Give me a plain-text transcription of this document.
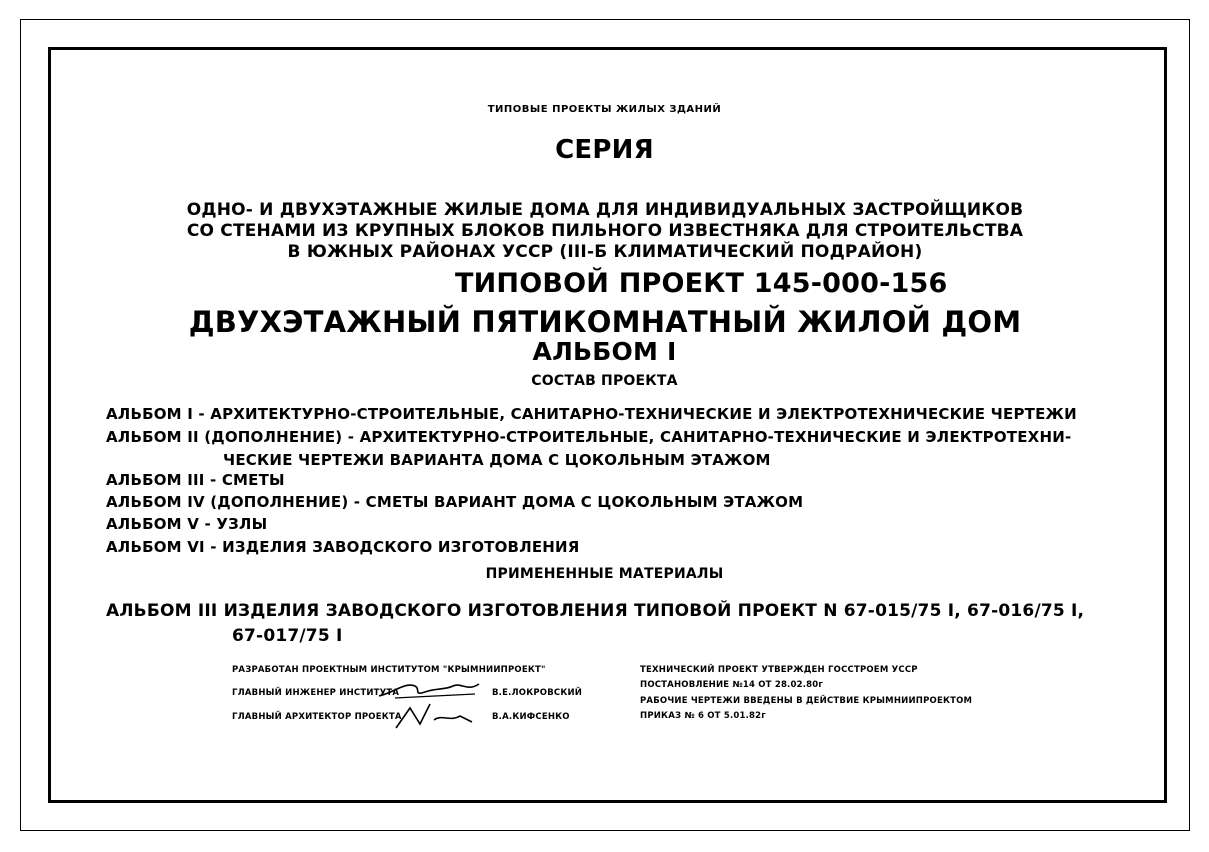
ТИПОВЫЕ ПРОЕКТЫ ЖИЛЫХ ЗДАНИЙ
СЕРИЯ
ОДНО- И ДВУХЭТАЖНЫЕ ЖИЛЫЕ ДОМА ДЛЯ ИНДИВИДУАЛЬНЫХ ЗАСТРОЙЩИКОВ
СО СТЕНАМИ ИЗ КРУПНЫХ БЛОКОВ ПИЛЬНОГО ИЗВЕСТНЯКА ДЛЯ СТРОИТЕЛЬСТВА
В ЮЖНЫХ РАЙОНАХ УССР (III-Б КЛИМАТИЧЕСКИЙ ПОДРАЙОН)
ТИПОВОЙ ПРОЕКТ 145-000-156
ДВУХЭТАЖНЫЙ ПЯТИКОМНАТНЫЙ ЖИЛОЙ ДОМ
АЛЬБОМ I
СОСТАВ ПРОЕКТА
АЛЬБОМ I - АРХИТЕКТУРНО-СТРОИТЕЛЬНЫЕ, САНИТАРНО-ТЕХНИЧЕСКИЕ И ЭЛЕКТРОТЕХНИЧЕСКИЕ ЧЕРТЕЖИ
АЛЬБОМ II (ДОПОЛНЕНИЕ) - АРХИТЕКТУРНО-СТРОИТЕЛЬНЫЕ, САНИТАРНО-ТЕХНИЧЕСКИЕ И ЭЛЕКТРОТЕХНИ-
ЧЕСКИЕ ЧЕРТЕЖИ ВАРИАНТА ДОМА С ЦОКОЛЬНЫМ ЭТАЖОМ
АЛЬБОМ III - СМЕТЫ
АЛЬБОМ IV (ДОПОЛНЕНИЕ) - СМЕТЫ ВАРИАНТ ДОМА С ЦОКОЛЬНЫМ ЭТАЖОМ
АЛЬБОМ V - УЗЛЫ
АЛЬБОМ VI - ИЗДЕЛИЯ ЗАВОДСКОГО ИЗГОТОВЛЕНИЯ
ПРИМЕНЕННЫЕ МАТЕРИАЛЫ
АЛЬБОМ III ИЗДЕЛИЯ ЗАВОДСКОГО ИЗГОТОВЛЕНИЯ ТИПОВОЙ ПРОЕКТ N 67-015/75 I, 67-016/75 I,
67-017/75 I
РАЗРАБОТАН ПРОЕКТНЫМ ИНСТИТУТОМ "КРЫМНИИПРОЕКТ"
ГЛАВНЫЙ ИНЖЕНЕР ИНСТИТУТА	В.Е.ЛОКРОВСКИЙ
ГЛАВНЫЙ АРХИТЕКТОР ПРОЕКТА	В.А.КИФСЕНКО
ТЕХНИЧЕСКИЙ ПРОЕКТ УТВЕРЖДЕН ГОССТРОЕМ УССР
ПОСТАНОВЛЕНИЕ №14 ОТ 28.02.80г
РАБОЧИЕ ЧЕРТЕЖИ ВВЕДЕНЫ В ДЕЙСТВИЕ КРЫМНИИПРОЕКТОМ
ПРИКАЗ № 6 ОТ 5.01.82г
